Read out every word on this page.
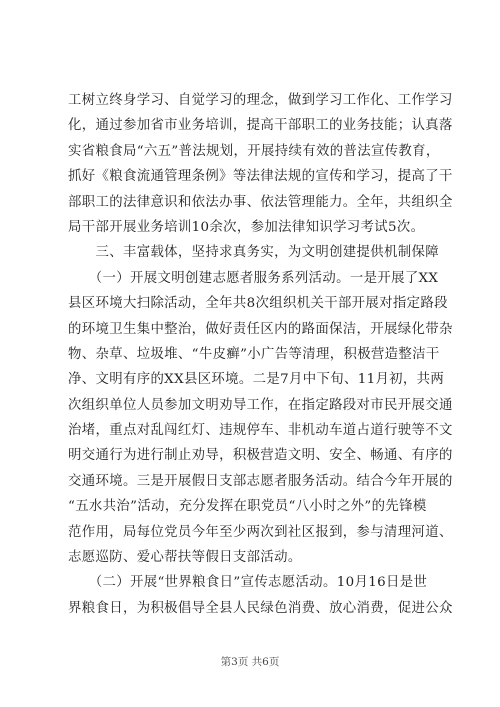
工树立终身学习、自觉学习的理念，做到学习工作化、工作学习
化，通过参加省市业务培训，提高干部职工的业务技能；认真落
实省粮食局“六五”普法规划，开展持续有效的普法宣传教育，
抓好《粮食流通管理条例》等法律法规的宣传和学习，提高了干
部职工的法律意识和依法办事、依法管理能力。全年，共组织全
局干部开展业务培训10余次，参加法律知识学习考试5次。
　　三、丰富载体，坚持求真务实，为文明创建提供机制保障
　　（一）开展文明创建志愿者服务系列活动。一是开展了XX
县区环境大扫除活动，全年共8次组织机关干部开展对指定路段
的环境卫生集中整治，做好责任区内的路面保洁，开展绿化带杂
物、杂草、垃圾堆、“牛皮癣”小广告等清理，积极营造整洁干
净、文明有序的XX县区环境。二是7月中下旬、11月初，共两
次组织单位人员参加文明劝导工作，在指定路段对市民开展交通
治堵，重点对乱闯红灯、违规停车、非机动车道占道行驶等不文
明交通行为进行制止劝导，积极营造文明、安全、畅通、有序的
交通环境。三是开展假日支部志愿者服务活动。结合今年开展的
“五水共治”活动，充分发挥在职党员“八小时之外”的先锋模
范作用，局每位党员今年至少两次到社区报到，参与清理河道、
志愿巡防、爱心帮扶等假日支部活动。
　　（二）开展“世界粮食日”宣传志愿活动。10月16日是世
界粮食日，为积极倡导全县人民绿色消费、放心消费，促进公众
第3页 共6页
